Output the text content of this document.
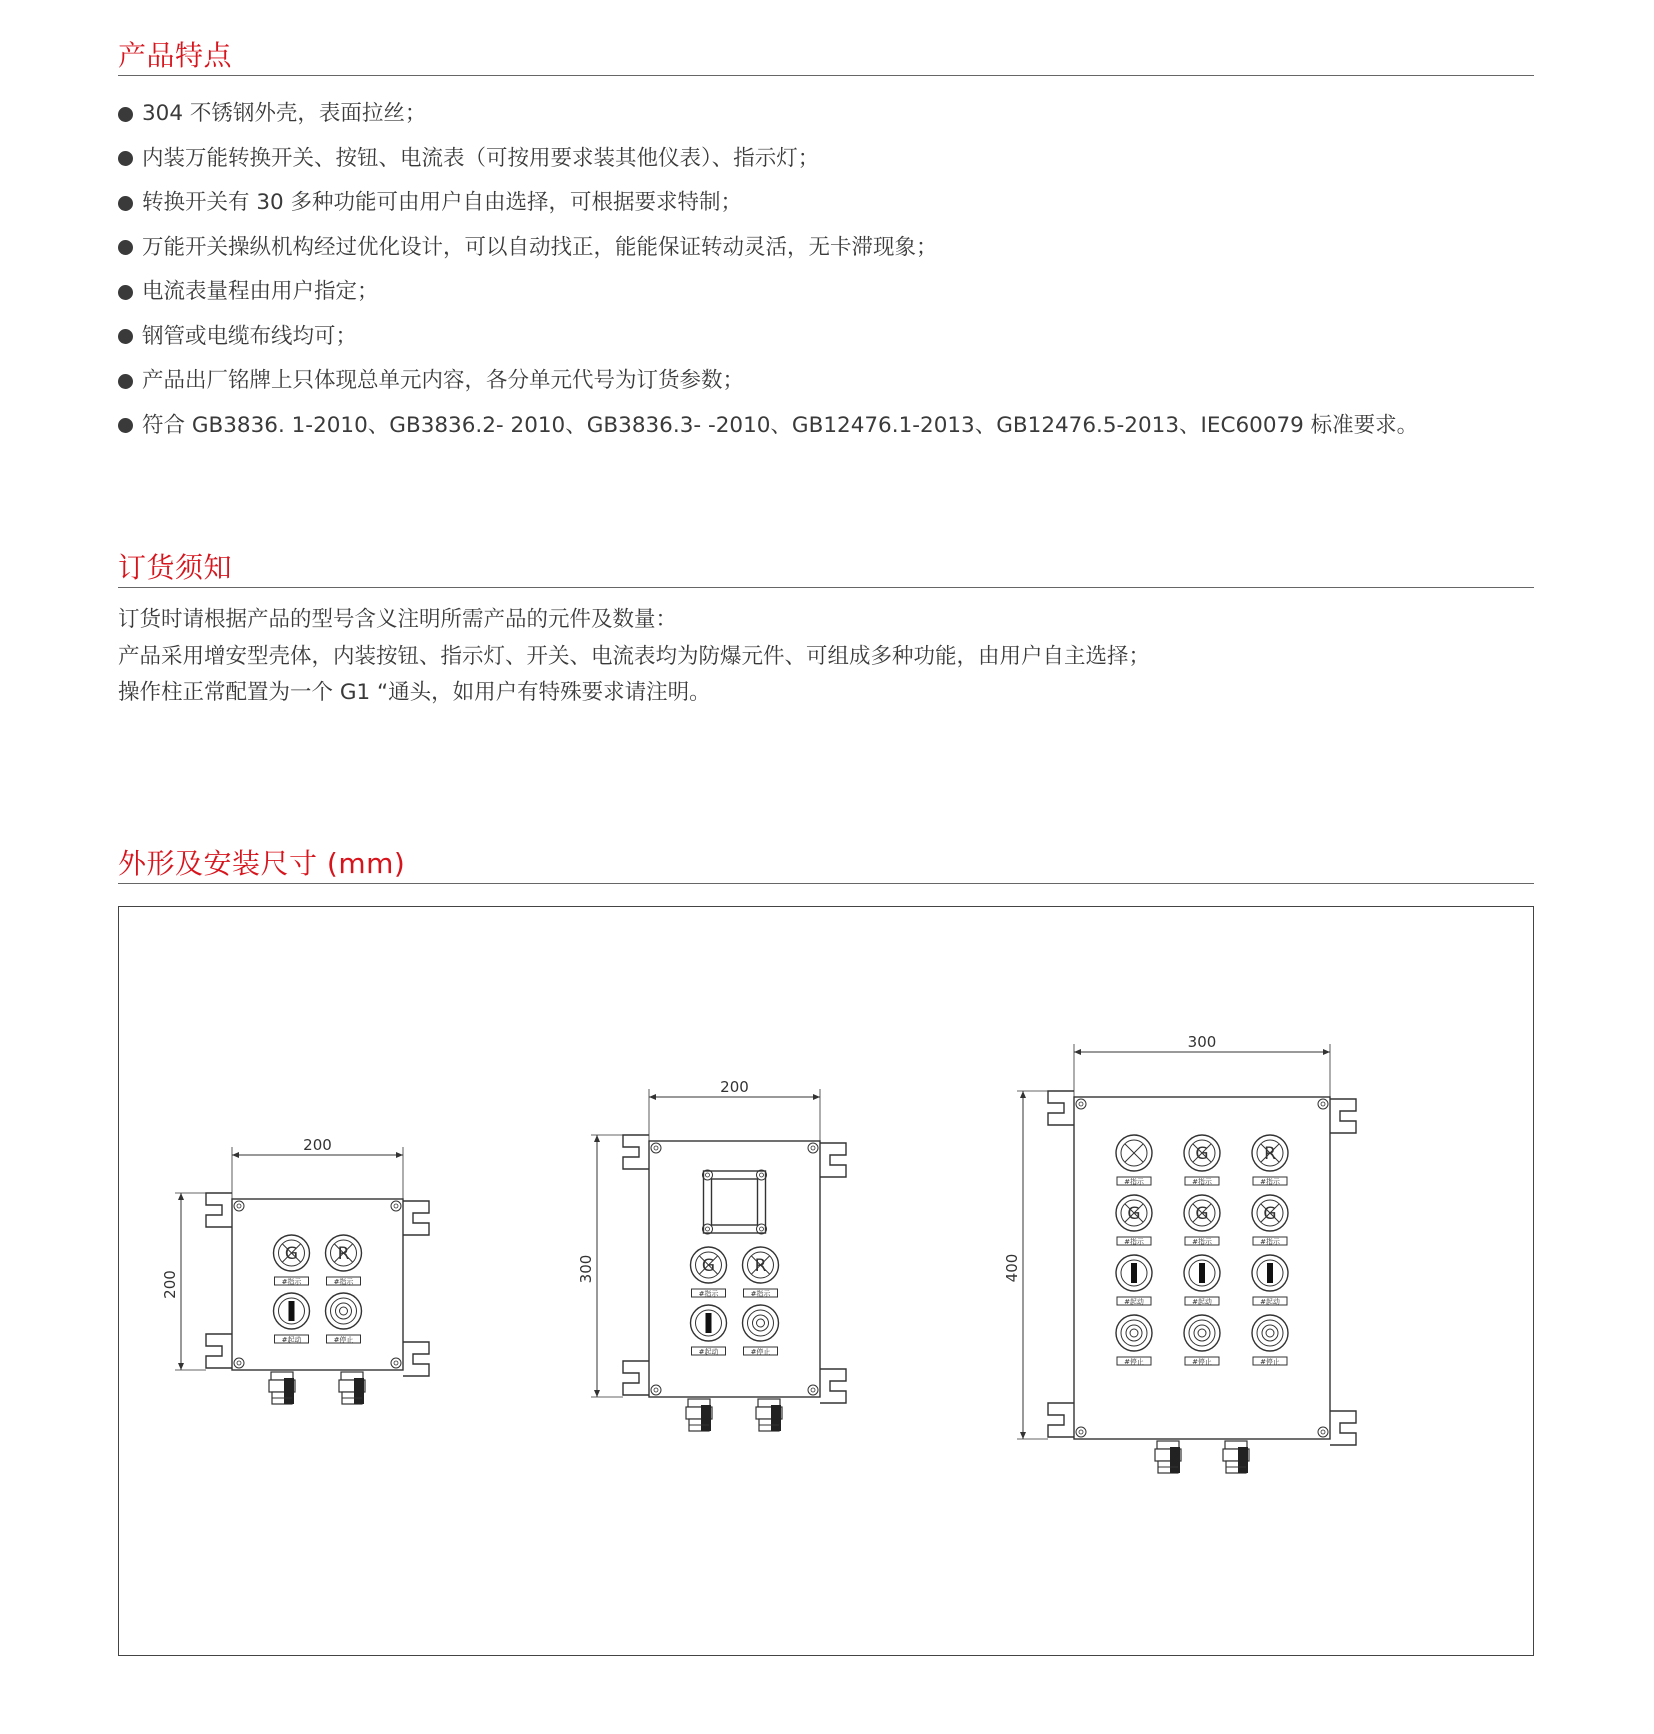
产品特点
304 不锈钢外壳，表面拉丝；
内装万能转换开关、按钮、电流表（可按用要求装其他仪表）、指示灯；
转换开关有 30 多种功能可由用户自由选择，可根据要求特制；
万能开关操纵机构经过优化设计，可以自动找正，能能保证转动灵活，无卡滞现象；
电流表量程由用户指定；
钢管或电缆布线均可；
产品出厂铭牌上只体现总单元内容，各分单元代号为订货参数；
符合 GB3836. 1-2010、GB3836.2- 2010、GB3836.3- -2010、GB12476.1-2013、GB12476.5-2013、IEC60079 标准要求。
订货须知

订货时请根据产品的型号含义注明所需产品的元件及数量：

产品采用增安型壳体，内装按钮、指示灯、开关、电流表均为防爆元件、可组成多种功能，由用户自主选择；

操作柱正常配置为一个 G1 “通头，如用户有特殊要求请注明。

外形及安装尺寸 (mm)
G
#指示
R
#指示
#起动	#停止
200
200
G
#指示
R
#指示
#起动	#停止
200
300
#指示
G
#指示
R
#指示
G
#指示
G
#指示
G
#指示
#起动	#起动	#起动
#停止	#停止	#停止
300
400
